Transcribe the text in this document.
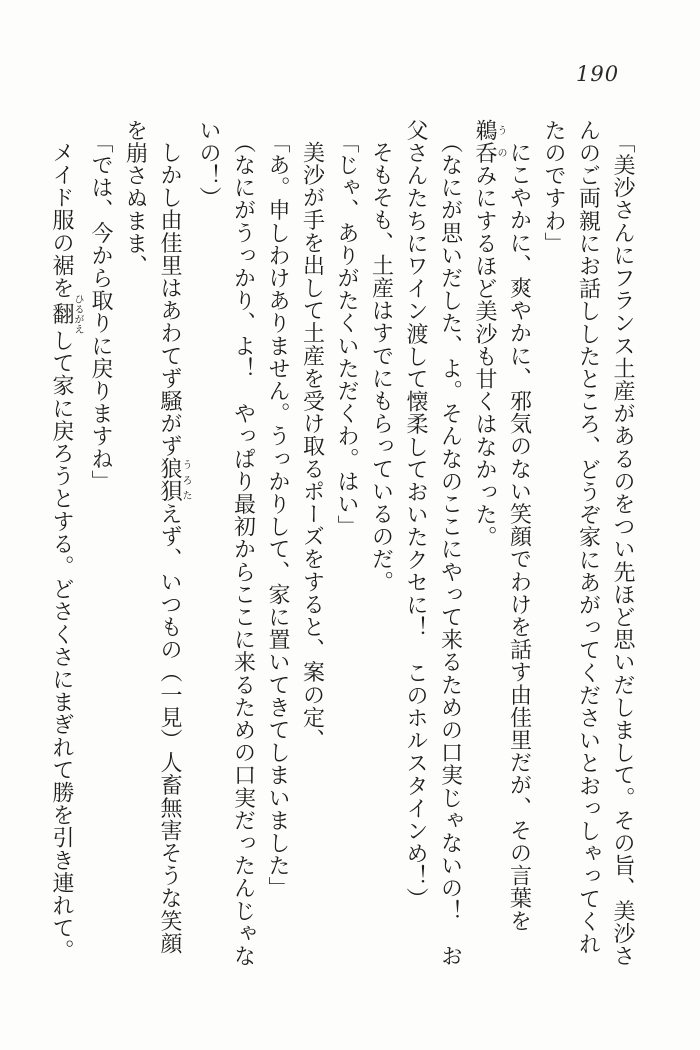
190

「美沙さんにフランス土産があるのをつい先ほど思いだしまして。その旨、美沙さんのご両親にお話ししたところ、どうぞ家にあがってくださいとおっしゃってくれたのですわ」

にこやかに、爽やかに、邪気のない笑顔でわけを話す由佳里だが、その言葉を鵜呑うのみにするほど美沙も甘くはなかった。

（なにが思いだした、よ。そんなのここにやって来るための口実じゃないの！　お父さんたちにワイン渡して懐柔しておいたクセに！　このホルスタインめ！）

そもそも、土産はすでにもらっているのだ。

「じゃ、ありがたくいただくわ。はい」

美沙が手を出して土産を受け取るポーズをすると、案の定、

「あ。申しわけありません。うっかりして、家に置いてきてしまいました」

（なにがうっかり、よ！　やっぱり最初からここに来るための口実だったんじゃないの！）

しかし由佳里はあわてず騒がず狼狽うろたえず、いつもの（一見）人畜無害そうな笑顔を崩さぬまま、

「では、今から取りに戻りますね」

メイド服の裾を翻ひるがえして家に戻ろうとする。どさくさにまぎれて勝を引き連れて。
